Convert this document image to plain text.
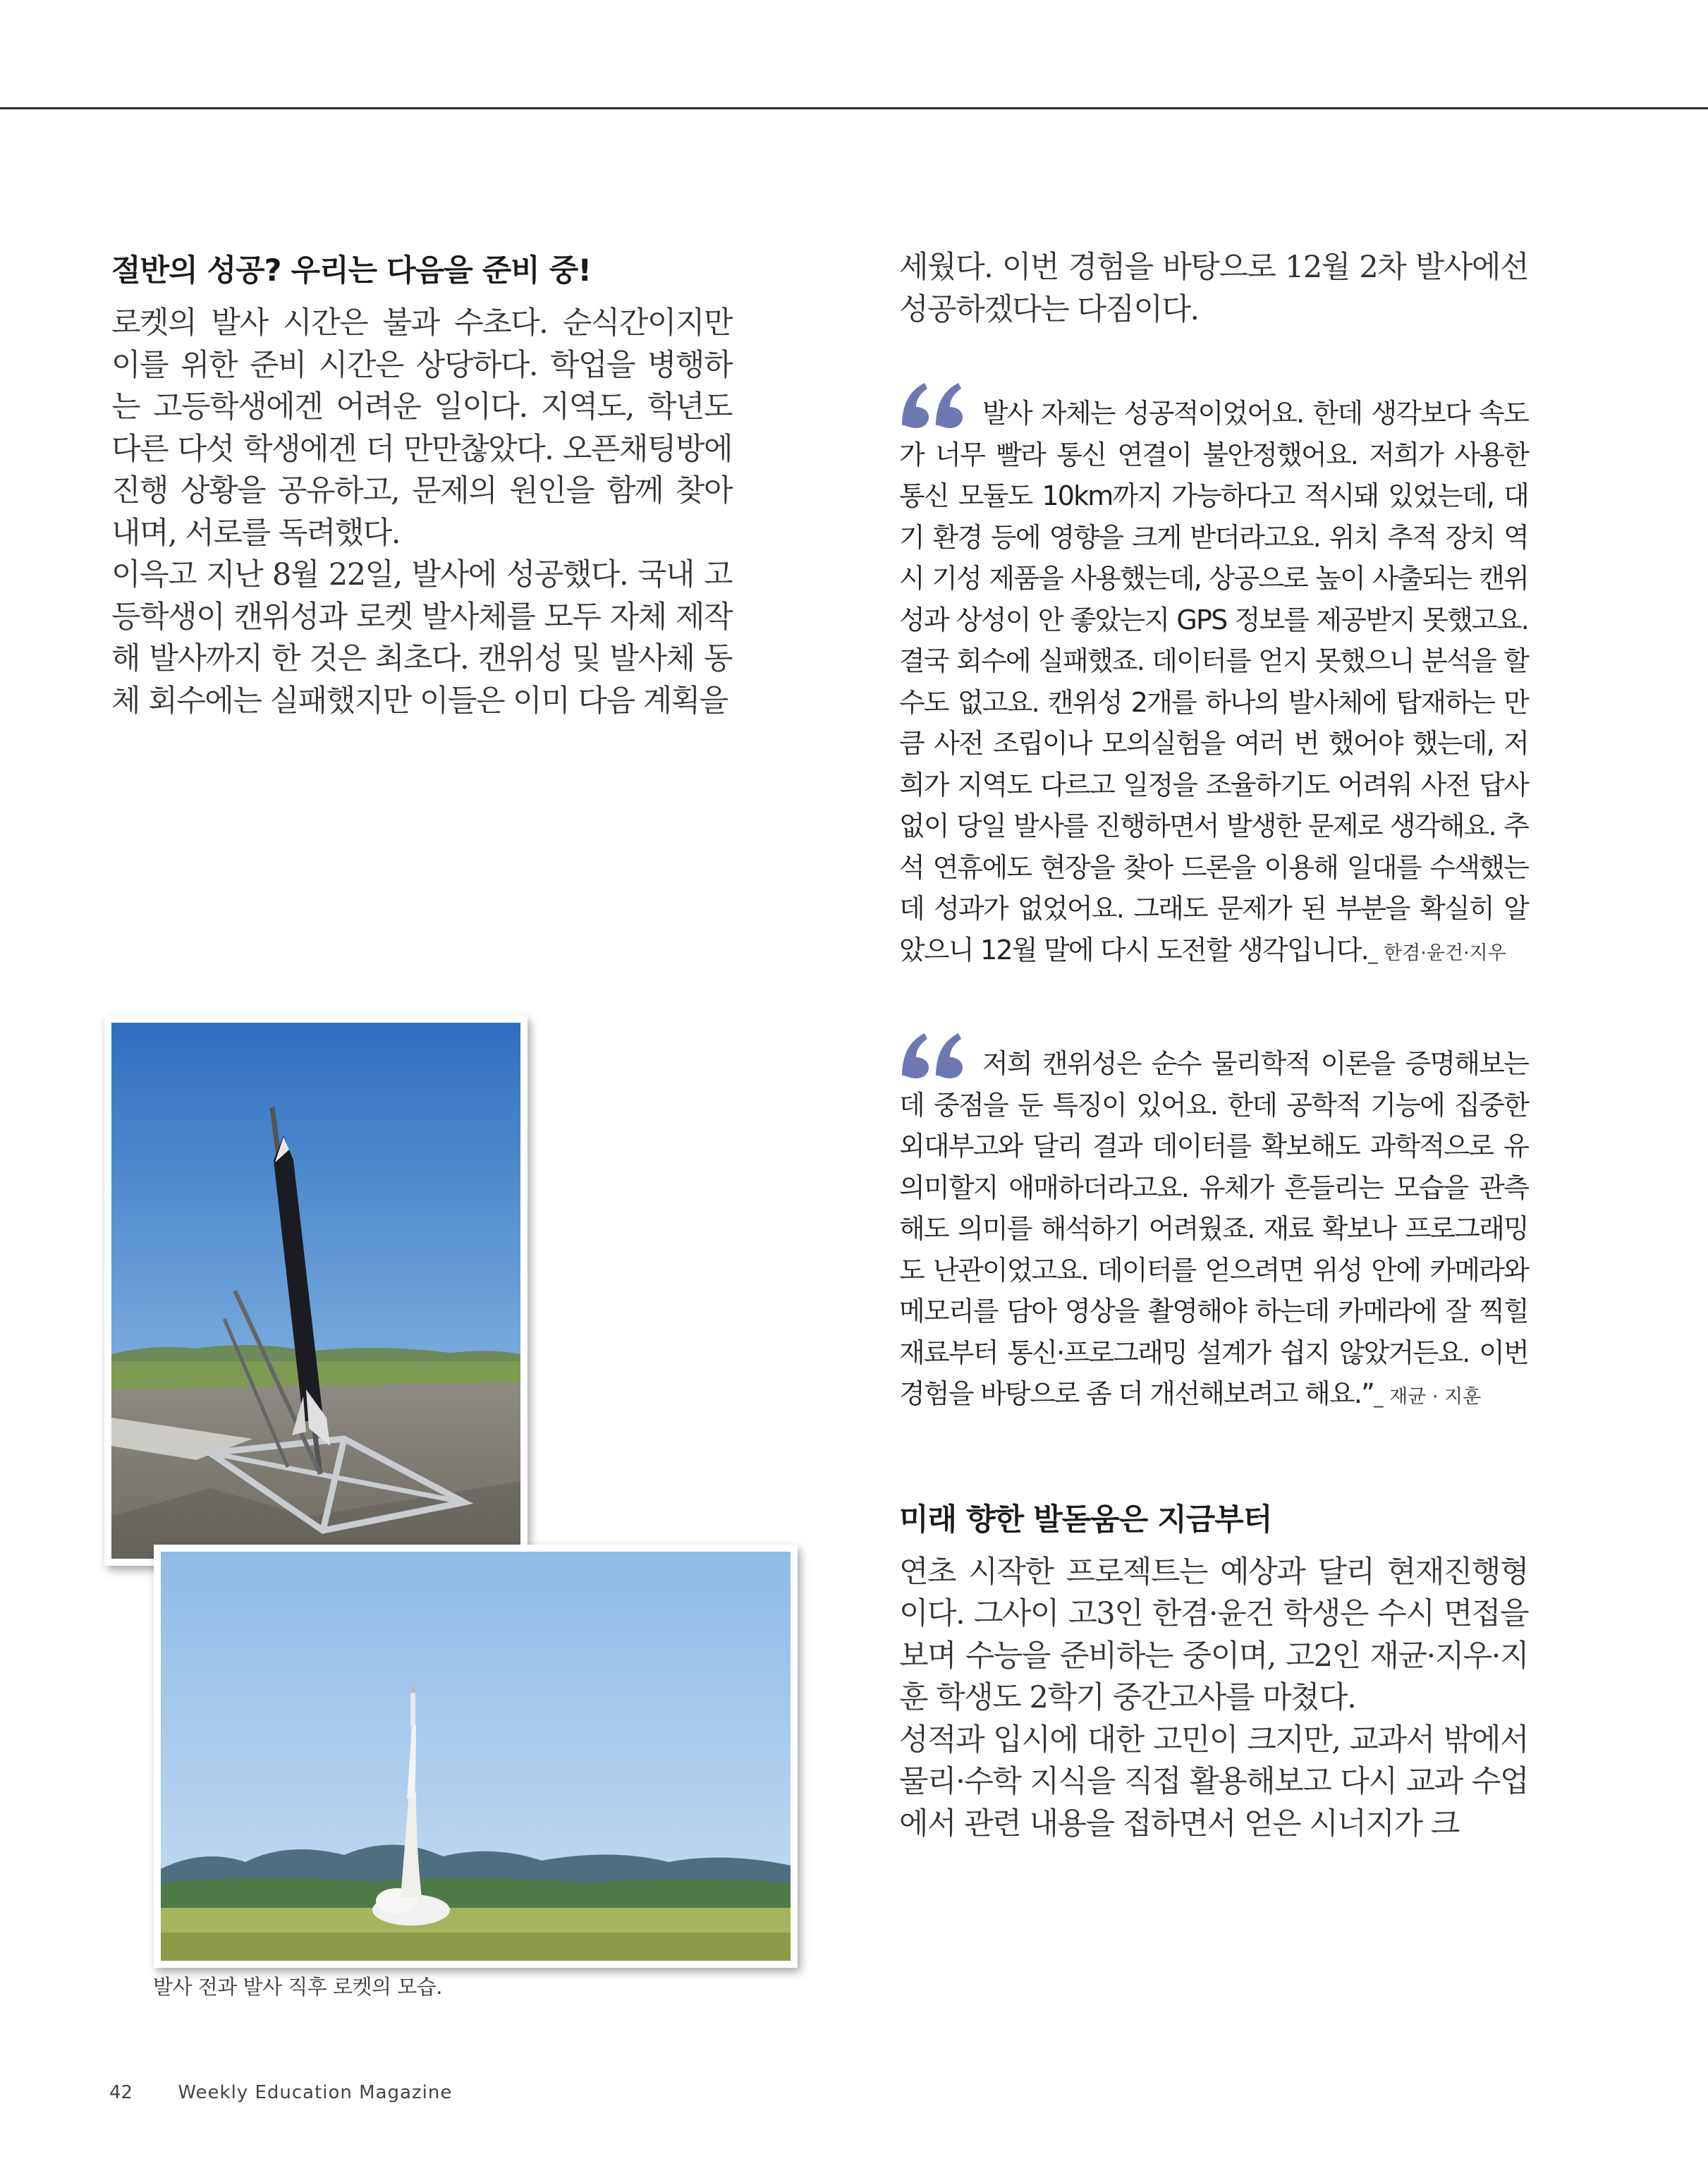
절반의 성공? 우리는 다음을 준비 중!

로켓의 발사 시간은 불과 수초다. 순식간이지만 이를 위한 준비 시간은 상당하다. 학업을 병행하는 고등학생에겐 어려운 일이다. 지역도, 학년도 다른 다섯 학생에겐 더 만만찮았다. 오픈채팅방에 진행 상황을 공유하고, 문제의 원인을 함께 찾아내며, 서로를 독려했다.

이윽고 지난 8월 22일, 발사에 성공했다. 국내 고등학생이 캔위성과 로켓 발사체를 모두 자체 제작해 발사까지 한 것은 최초다. 캔위성 및 발사체 동체 회수에는 실패했지만 이들은 이미 다음 계획을

세웠다. 이번 경험을 바탕으로 12월 2차 발사에선 성공하겠다는 다짐이다.

발사 자체는 성공적이었어요. 한데 생각보다 속도가 너무 빨라 통신 연결이 불안정했어요. 저희가 사용한 통신 모듈도 10km까지 가능하다고 적시돼 있었는데, 대기 환경 등에 영향을 크게 받더라고요. 위치 추적 장치 역시 기성 제품을 사용했는데, 상공으로 높이 사출되는 캔위성과 상성이 안 좋았는지 GPS 정보를 제공받지 못했고요. 결국 회수에 실패했죠. 데이터를 얻지 못했으니 분석을 할 수도 없고요. 캔위성 2개를 하나의 발사체에 탑재하는 만큼 사전 조립이나 모의실험을 여러 번 했어야 했는데, 저희가 지역도 다르고 일정을 조율하기도 어려워 사전 답사 없이 당일 발사를 진행하면서 발생한 문제로 생각해요. 추석 연휴에도 현장을 찾아 드론을 이용해 일대를 수색했는데 성과가 없었어요. 그래도 문제가 된 부분을 확실히 알았으니 12월 말에 다시 도전할 생각입니다._ 한겸·윤건·지우

저희 캔위성은 순수 물리학적 이론을 증명해보는 데 중점을 둔 특징이 있어요. 한데 공학적 기능에 집중한 외대부고와 달리 결과 데이터를 확보해도 과학적으로 유의미할지 애매하더라고요. 유체가 흔들리는 모습을 관측해도 의미를 해석하기 어려웠죠. 재료 확보나 프로그래밍도 난관이었고요. 데이터를 얻으려면 위성 안에 카메라와 메모리를 담아 영상을 촬영해야 하는데 카메라에 잘 찍힐 재료부터 통신·프로그래밍 설계가 쉽지 않았거든요. 이번 경험을 바탕으로 좀 더 개선해보려고 해요.”_ 재균 · 지훈

미래 향한 발돋움은 지금부터

연초 시작한 프로젝트는 예상과 달리 현재진행형이다. 그사이 고3인 한겸·윤건 학생은 수시 면접을 보며 수능을 준비하는 중이며, 고2인 재균·지우·지훈 학생도 2학기 중간고사를 마쳤다.

성적과 입시에 대한 고민이 크지만, 교과서 밖에서 물리·수학 지식을 직접 활용해보고 다시 교과 수업에서 관련 내용을 접하면서 얻은 시너지가 크

발사 전과 발사 직후 로켓의 모습.
42 Weekly Education Magazine
